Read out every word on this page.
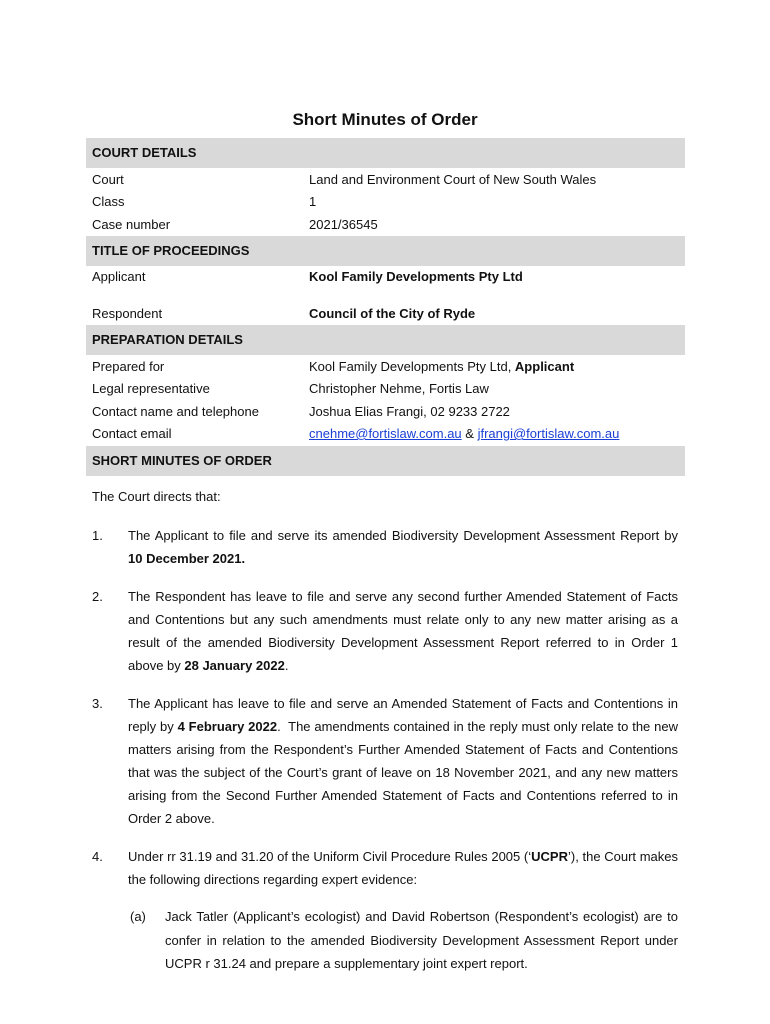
Short Minutes of Order
COURT DETAILS
Court	Land and Environment Court of New South Wales
Class	1
Case number	2021/36545
TITLE OF PROCEEDINGS
Applicant	Kool Family Developments Pty Ltd
Respondent	Council of the City of Ryde
PREPARATION DETAILS
Prepared for	Kool Family Developments Pty Ltd, Applicant
Legal representative	Christopher Nehme, Fortis Law
Contact name and telephone	Joshua Elias Frangi, 02 9233 2722
Contact email	cnehme@fortislaw.com.au & jfrangi@fortislaw.com.au
SHORT MINUTES OF ORDER
The Court directs that:
1. The Applicant to file and serve its amended Biodiversity Development Assessment Report by 10 December 2021.
2. The Respondent has leave to file and serve any second further Amended Statement of Facts and Contentions but any such amendments must relate only to any new matter arising as a result of the amended Biodiversity Development Assessment Report referred to in Order 1 above by 28 January 2022.
3. The Applicant has leave to file and serve an Amended Statement of Facts and Contentions in reply by 4 February 2022.  The amendments contained in the reply must only relate to the new matters arising from the Respondent’s Further Amended Statement of Facts and Contentions that was the subject of the Court’s grant of leave on 18 November 2021, and any new matters arising from the Second Further Amended Statement of Facts and Contentions referred to in Order 2 above.
4. Under rr 31.19 and 31.20 of the Uniform Civil Procedure Rules 2005 (‘UCPR’), the Court makes the following directions regarding expert evidence:
(a) Jack Tatler (Applicant’s ecologist) and David Robertson (Respondent’s ecologist) are to confer in relation to the amended Biodiversity Development Assessment Report under UCPR r 31.24 and prepare a supplementary joint expert report.
